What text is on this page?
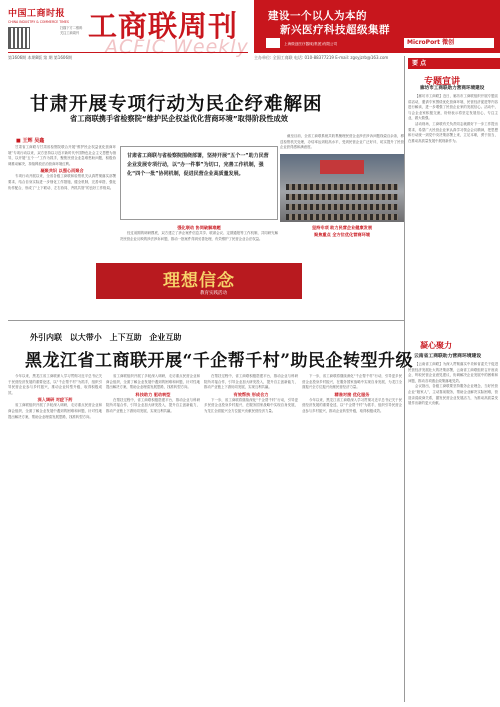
中国工商时报
CHINA INDUSTRY & COMMERCE TIMES
扫描下方二维码
关注工商周刊 工商联周刊
ACFIC Weekly
建设一个以人为本的
新兴医疗科技超级集群
MicroPort 微创
上海微创医疗器械(集团)有限公司
第1606期 本期8版 第 期 第1606期	主办单位: 全国工商联 电话: 010-88377219 E-mail: zgsyjzrb@163.com
甘肃开展专项行动为民企纾难解困
省工商联携手省检察院“维护民企权益优化营商环境”取得阶段性成效
■ 王辉 吴鑫

甘肃省工商联与甘肃省检察院联合开展“维护民企权益优化营商环境”专项行动以来，双方坚持以习近平新时代中国特色社会主义思想为指导，以开展“五个一”工作为抓手，聚焦民营企业急难愁盼问题，积极协调推动解决，持续释放法治营商环境红利。

凝聚共识 以强心而聚合

专项行动开展以来，全省各级工商联和检察机关认真贯彻落实部署要求，结合自身实际进一步细化工作措施，健全机制，完善举措，强化协作配合，形成了“上下联动、左右协同、齐抓共管”的良好工作格局。

甘肃省工商联与省检察院围绕部署，坚持开展“五个一”助力民营企业发展专项行动，以“办一件事”为切口，完善工作机制，强化“四个一批”协同机制，促进民营企业高质量发展。
强化联动 协同破解难题

经过前期的调研摸底，双方建立了涉企案件信息共享、联席会议、定期通报等工作机制，共同研究解决民营企业反映的涉法涉诉问题，推动一批案件得到妥善处理，有效维护了民营企业合法权益。

截至目前，全省工商联系统共收集梳理民营企业涉法涉诉问题线索百余条，移送检察机关处理，办结率达到较高水平，受到民营企业广泛好评，切实提升了民营企业获得感和满意度。

坚持专项 助力民营企业健康发展
聚焦重点 全方位优化营商环境
理想信念
教育实践活动
外引内联 以大带小 上下互助 企业互助
黑龙江省工商联开展“千企帮千村”助民企转型升级

今年以来，黑龙江省工商联深入学习贯彻习近平总书记关于民营经济发展的重要论述，以“千企帮千村”为抓手，组织引导民营企业参与乡村振兴，推动企业转型升级，取得积极成效。

深入调研 对症下药

省工商联组织开展了多轮深入调研，走访重点民营企业和商会组织，全面了解企业发展中遇到的困难和问题，针对性地提出解决方案，帮助企业理清发展思路，找准转型方向。

省工商联组织开展了多轮深入调研，走访重点民营企业和商会组织，全面了解企业发展中遇到的困难和问题，针对性地提出解决方案，帮助企业理清发展思路，找准转型方向。

科技助力 驱动转型

在帮扶过程中，省工商联积极搭建平台，推动企业与科研院所对接合作，引导企业加大研发投入，提升自主创新能力，推动产业链上下游协同发展，实现互利共赢。

在帮扶过程中，省工商联积极搭建平台，推动企业与科研院所对接合作，引导企业加大研发投入，提升自主创新能力，推动产业链上下游协同发展，实现互利共赢。

有效帮扶 形成合力

下一步，省工商联将继续深化“千企帮千村”行动，引导更多民营企业投身乡村振兴，在服务国家战略中实现自身发展，为龙江全面振兴全方位振兴贡献民营经济力量。

下一步，省工商联将继续深化“千企帮千村”行动，引导更多民营企业投身乡村振兴，在服务国家战略中实现自身发展，为龙江全面振兴全方位振兴贡献民营经济力量。

精准对接 优化服务

今年以来，黑龙江省工商联深入学习贯彻习近平总书记关于民营经济发展的重要论述，以“千企帮千村”为抓手，组织引导民营企业参与乡村振兴，推动企业转型升级，取得积极成效。

要 点
专题宣讲
廊坊市工商联助力营商环境建设

【廊坊市工商联】近日，廊坊市工商联组织开展专题宣讲活动，邀请专家围绕优化营商环境、民营经济促进等内容进行解读，进一步增强了民营企业家的发展信心。活动中，与会企业家积极交流，纷纷表示将坚定发展信心，专注主业，做大做强。

活动现场，工商联有关负责同志就做好下一步工作提出要求，希望广大民营企业家认真学习领会会议精神，把思想和行动统一到党中央决策部署上来，立足本职，勇于担当，在推动高质量发展中展现新作为。

凝心聚力
云南省工商联助力营商环境建设

【云南省工商联】为深入贯彻落实中央和省委关于促进民营经济发展壮大的决策部署，云南省工商联组织召开座谈会，听取民营企业意见建议，协调解决企业发展中的困难和问题，推动各项惠企政策落地见效。

会议指出，各级工商联要坚持服务企业理念，当好民营企业“娘家人”，主动靠前服务，帮助企业解决实际困难，营造亲清政商关系，激发民营企业发展活力，为推动高质量发展作出新的更大贡献。
